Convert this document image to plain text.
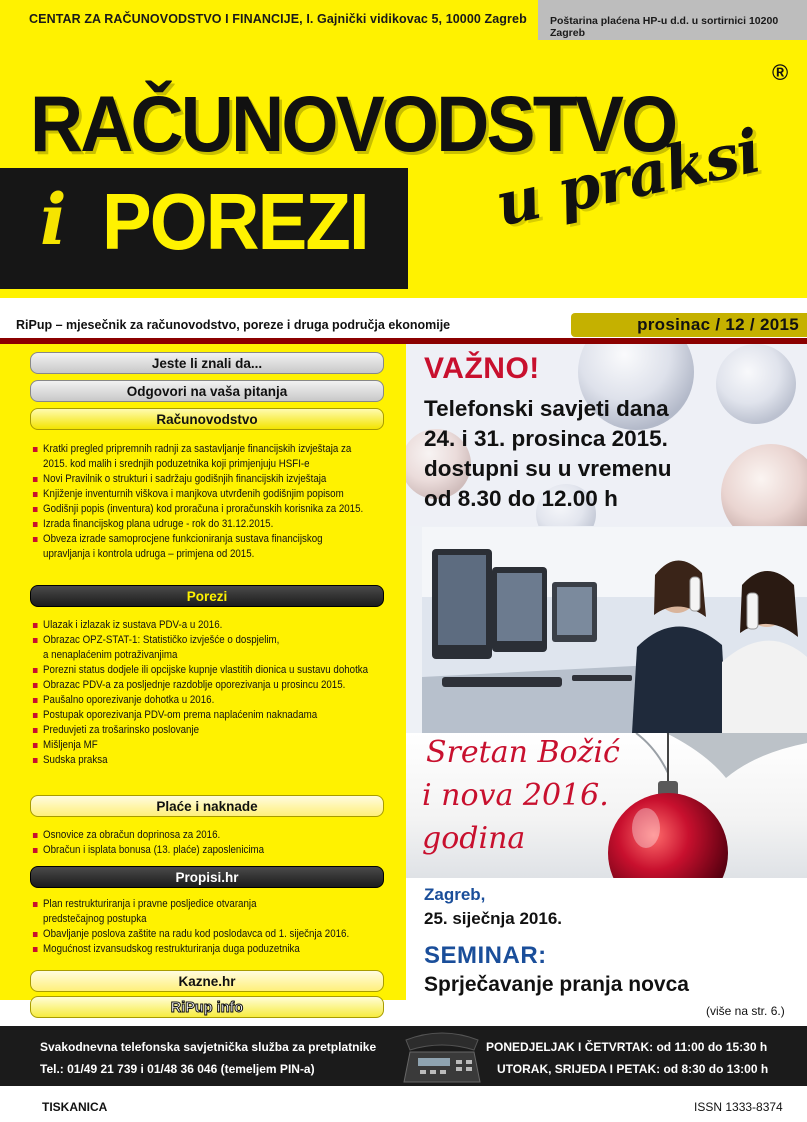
CENTAR ZA RAČUNOVODSTVO I FINANCIJE, I. Gajnički vidikovac 5, 10000 Zagreb Poštarina plaćena HP-u d.d. u sortirnici 10200 Zagreb
RAČUNOVODSTVO
®
i POREZI u praksi
RiPup – mjesečnik za računovodstvo, poreze i druga područja ekonomije	prosinac / 12 / 2015
Jeste li znali da...
Odgovori na vaša pitanja
Računovodstvo
Kratki pregled pripremnih radnji za sastavljanje financijskih izvještaja za
2015. kod malih i srednjih poduzetnika koji primjenjuju HSFI-e
Novi Pravilnik o strukturi i sadržaju godišnjih financijskih izvještaja
Knjiženje inventurnih viškova i manjkova utvrđenih godišnjim popisom
Godišnji popis (inventura) kod proračuna i proračunskih korisnika za 2015.
Izrada financijskog plana udruge - rok do 31.12.2015.
Obveza izrade samoprocjene funkcioniranja sustava financijskog
upravljanja i kontrola udruga – primjena od 2015.
Porezi
Ulazak i izlazak iz sustava PDV-a u 2016.
Obrazac OPZ-STAT-1: Statističko izvješće o dospjelim,
a nenaplaćenim potraživanjima
Porezni status dodjele ili opcijske kupnje vlastitih dionica u sustavu dohotka
Obrazac PDV-a za posljednje razdoblje oporezivanja u prosincu 2015.
Paušalno oporezivanje dohotka u 2016.
Postupak oporezivanja PDV-om prema naplaćenim naknadama
Preduvjeti za trošarinsko poslovanje
Mišljenja MF
Sudska praksa
Plaće i naknade
Osnovice za obračun doprinosa za 2016.
Obračun i isplata bonusa (13. plaće) zaposlenicima
Propisi.hr
Plan restrukturiranja i pravne posljedice otvaranja
predstečajnog postupka
Obavljanje poslova zaštite na radu kod poslodavca od 1. siječnja 2016.
Mogućnost izvansudskog restrukturiranja duga poduzetnika
Kazne.hr
RiPup info
VAŽNO!
Telefonski savjeti dana
24. i 31. prosinca 2015.
dostupni su u vremenu
od 8.30 do 12.00 h
Sretan Božić
i nova 2016.
godina
Zagreb,
25. siječnja 2016.
SEMINAR:
Sprječavanje pranja novca
(više na str. 6.)
Svakodnevna telefonska savjetnička služba za pretplatnike
Tel.: 01/49 21 739 i 01/48 36 046 (temeljem PIN-a)
PONEDJELJAK I ČETVRTAK: od 11:00 do 15:30 h
UTORAK, SRIJEDA I PETAK: od 8:30 do 13:00 h
TISKANICA	ISSN 1333-8374
